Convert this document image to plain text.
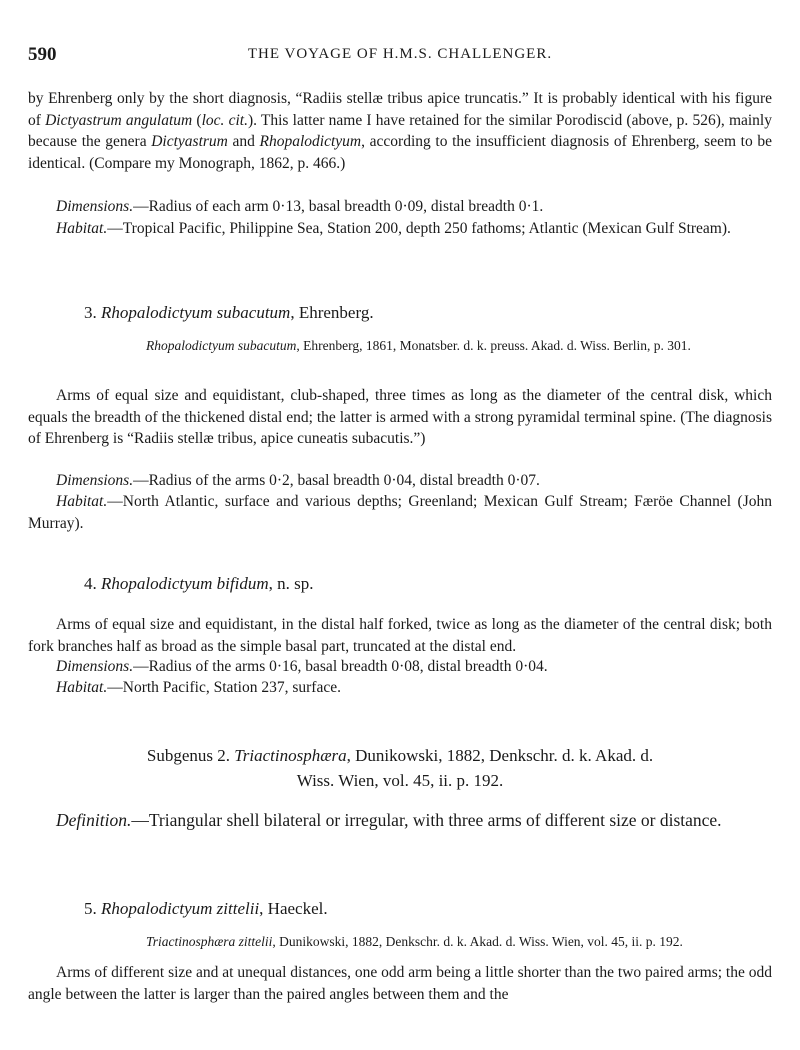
590	THE VOYAGE OF H.M.S. CHALLENGER.

by Ehrenberg only by the short diagnosis, “Radiis stellæ tribus apice truncatis.” It is probably identical with his figure of Dictyastrum angulatum (loc. cit.). This latter name I have retained for the similar Porodiscid (above, p. 526), mainly because the genera Dictyastrum and Rhopalodictyum, according to the insufficient diagnosis of Ehrenberg, seem to be identical. (Compare my Monograph, 1862, p. 466.)

Dimensions.—Radius of each arm 0·13, basal breadth 0·09, distal breadth 0·1.

Habitat.—Tropical Pacific, Philippine Sea, Station 200, depth 250 fathoms; Atlantic (Mexican Gulf Stream).

3. Rhopalodictyum subacutum, Ehrenberg.

Rhopalodictyum subacutum, Ehrenberg, 1861, Monatsber. d. k. preuss. Akad. d. Wiss. Berlin, p. 301.

Arms of equal size and equidistant, club-shaped, three times as long as the diameter of the central disk, which equals the breadth of the thickened distal end; the latter is armed with a strong pyramidal terminal spine. (The diagnosis of Ehrenberg is “Radiis stellæ tribus, apice cuneatis subacutis.”)

Dimensions.—Radius of the arms 0·2, basal breadth 0·04, distal breadth 0·07.

Habitat.—North Atlantic, surface and various depths; Greenland; Mexican Gulf Stream; Færöe Channel (John Murray).

4. Rhopalodictyum bifidum, n. sp.

Arms of equal size and equidistant, in the distal half forked, twice as long as the diameter of the central disk; both fork branches half as broad as the simple basal part, truncated at the distal end.

Dimensions.—Radius of the arms 0·16, basal breadth 0·08, distal breadth 0·04.

Habitat.—North Pacific, Station 237, surface.

Subgenus 2. Triactinosphæra, Dunikowski, 1882, Denkschr. d. k. Akad. d.
Wiss. Wien, vol. 45, ii. p. 192.

Definition.—Triangular shell bilateral or irregular, with three arms of different size or distance.

5. Rhopalodictyum zittelii, Haeckel.

Triactinosphæra zittelii, Dunikowski, 1882, Denkschr. d. k. Akad. d. Wiss. Wien, vol. 45, ii. p. 192.

Arms of different size and at unequal distances, one odd arm being a little shorter than the two paired arms; the odd angle between the latter is larger than the paired angles between them and the
